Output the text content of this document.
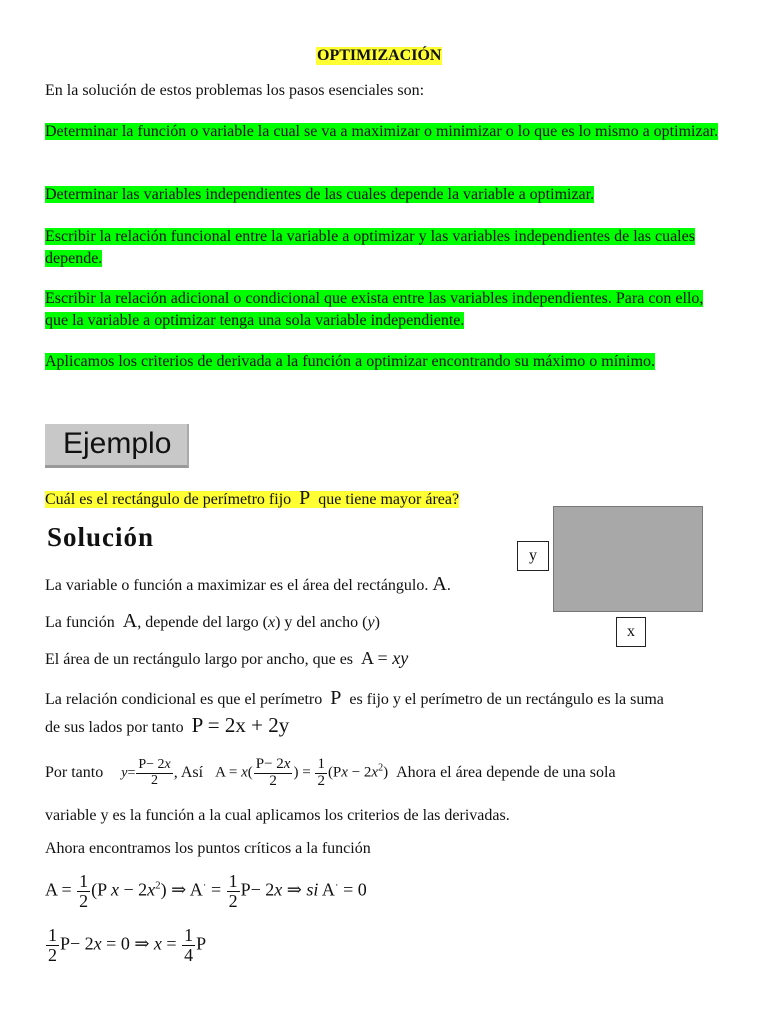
OPTIMIZACIÓN
En la solución de estos problemas los pasos esenciales son:
Determinar la función o variable la cual se va a maximizar o minimizar o lo que es lo mismo a optimizar.
Determinar las variables independientes de las cuales depende la variable a optimizar.
Escribir la relación funcional entre la variable a optimizar y las variables independientes de las cuales depende.
Escribir la relación adicional o condicional que exista entre las variables independientes. Para con ello, que la variable a optimizar tenga una sola variable independiente.
Aplicamos los criterios de derivada a la función a optimizar encontrando su máximo o mínimo.
Ejemplo
Cuál es el rectángulo de perímetro fijo P que tiene mayor área?
Solución
y
x
La variable o función a maximizar es el área del rectángulo. A.
La función A, depende del largo (x) y del ancho (y)
El área de un rectángulo largo por ancho, que es A = xy
La relación condicional es que el perímetro P es fijo y el perímetro de un rectángulo es la suma
de sus lados por tanto P = 2x + 2y
Por tanto $y= \frac{P- 2x}{2}$ , Así $A = x( \frac{P- 2x}{2}$ ) = $\frac{1}{2} (Px - 2x^2)$ Ahora el área depende de una sola
variable y es la función a la cual aplicamos los criterios de las derivadas.
Ahora encontramos los puntos críticos a la función
$A = \frac{1}{2} (P$ $x - 2x^2$) ⇒ $A^\cdot = \frac{1}{2} P- 2x$ ⇒ si A· = 0
$\frac{1}{2} P- 2x = 0$ ⇒ $x = \frac{1}{4}$ P
